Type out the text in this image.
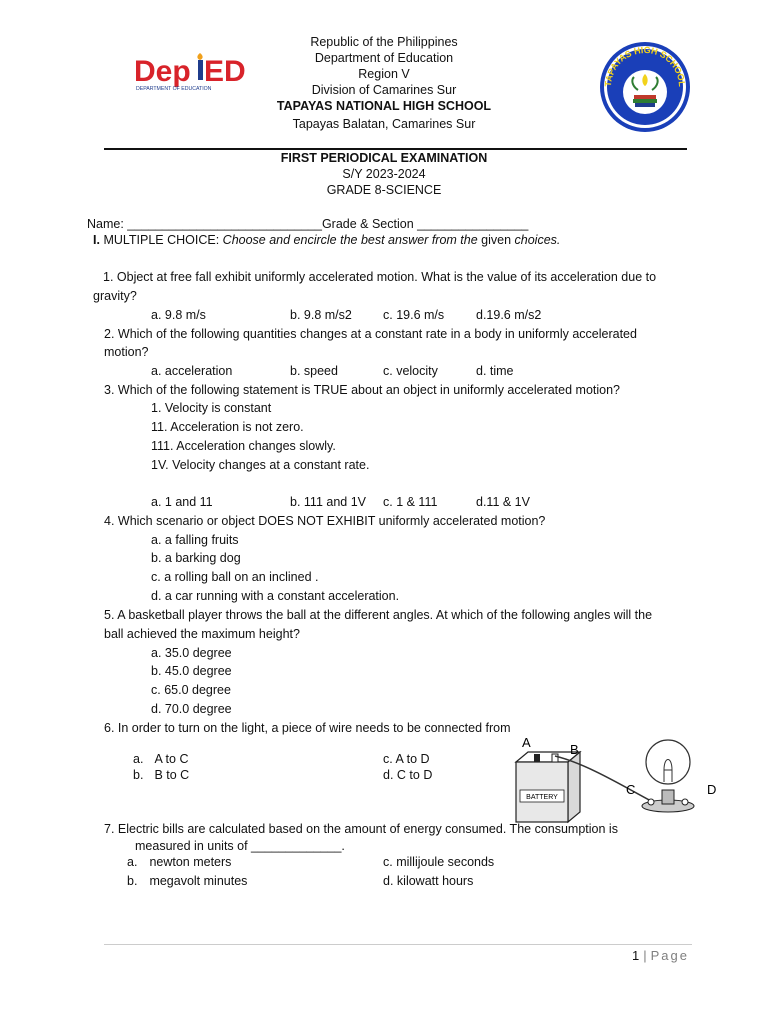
Dep ED
DEPARTMENT OF EDUCATION
Republic of the Philippines
Department of Education
Region V
Division of Camarines Sur
TAPAYAS NATIONAL HIGH SCHOOL
Tapayas Balatan, Camarines Sur
TAPAYAS HIGH SCHOOL
FIRST PERIODICAL EXAMINATION
S/Y 2023-2024
GRADE 8-SCIENCE
Name: ____________________________Grade & Section ________________
I. MULTIPLE CHOICE: Choose and encircle the best answer from the given choices.
1. Object at free fall exhibit uniformly accelerated motion. What is the value of its acceleration due to
gravity?
a. 9.8 m/s	b. 9.8 m/s2 c. 19.6 m/s	d.19.6 m/s2
2. Which of the following quantities changes at a constant rate in a body in uniformly accelerated
motion?
a. acceleration	b. speed	c. velocity	d. time
3. Which of the following statement is TRUE about an object in uniformly accelerated motion?
1. Velocity is constant
11. Acceleration is not zero.
111. Acceleration changes slowly.
1V. Velocity changes at a constant rate.
a. 1 and 11	b. 111 and 1V c. 1 & 111	d.11 & 1V
4. Which scenario or object DOES NOT EXHIBIT uniformly accelerated motion?
a. a falling fruits
b. a barking dog
c. a rolling ball on an inclined .
d. a car running with a constant acceleration.
5. A basketball player throws the ball at the different angles. At which of the following angles will the
ball achieved the maximum height?
a. 35.0 degree
b. 45.0 degree
c. 65.0 degree
d. 70.0 degree
6. In order to turn on the light, a piece of wire needs to be connected from
a. A to C
b. B to C
c. A to D
d. C to D
BATTERY
A	B
C	D
7. Electric bills are calculated based on the amount of energy consumed. The consumption is
measured in units of _____________.
a. newton meters
b. megavolt minutes
c. millijoule seconds
d. kilowatt hours
1 | Page
